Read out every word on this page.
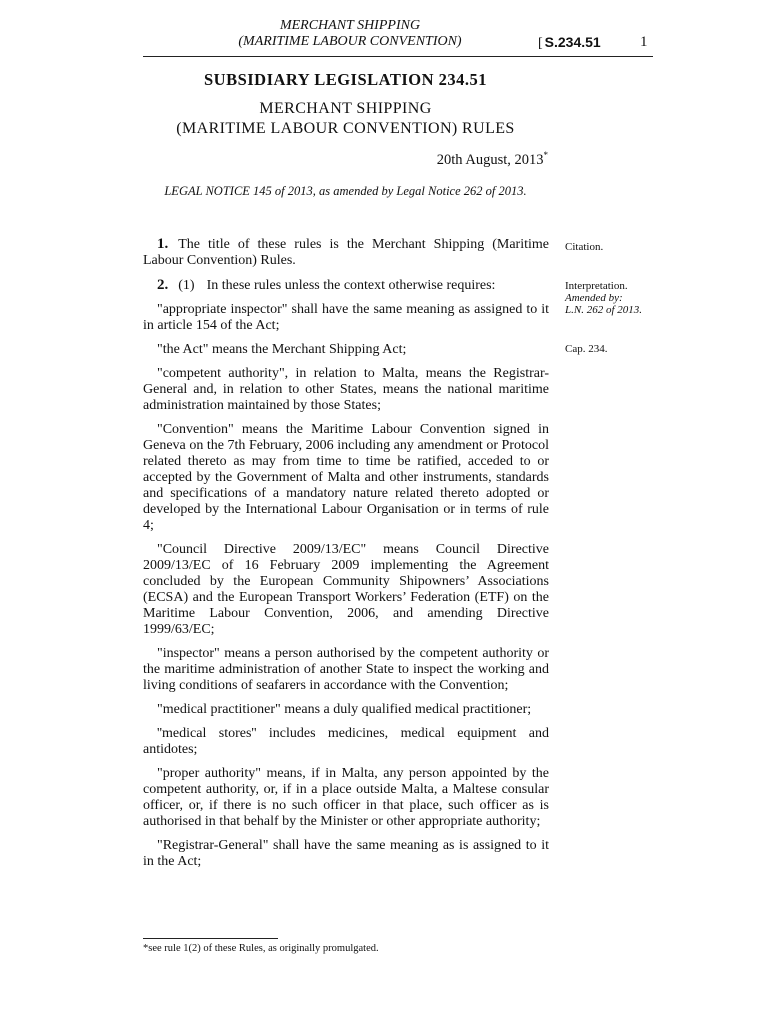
MERCHANT SHIPPING
(MARITIME LABOUR CONVENTION)	[ S.234.51	1
SUBSIDIARY LEGISLATION 234.51
MERCHANT SHIPPING
(MARITIME LABOUR CONVENTION) RULES
20th August, 2013*
LEGAL NOTICE 145 of 2013, as amended by Legal Notice 262 of 2013.

1. The title of these rules is the Merchant Shipping (Maritime Labour Convention) Rules.

2. (1) In these rules unless the context otherwise requires:

"appropriate inspector" shall have the same meaning as assigned to it in article 154 of the Act;

"the Act" means the Merchant Shipping Act;

"competent authority", in relation to Malta, means the Registrar-General and, in relation to other States, means the national maritime administration maintained by those States;

"Convention" means the Maritime Labour Convention signed in Geneva on the 7th February, 2006 including any amendment or Protocol related thereto as may from time to time be ratified, acceded to or accepted by the Government of Malta and other instruments, standards and specifications of a mandatory nature related thereto adopted or developed by the International Labour Organisation or in terms of rule 4;

"Council Directive 2009/13/EC" means Council Directive 2009/13/EC of 16 February 2009 implementing the Agreement concluded by the European Community Shipowners’ Associations (ECSA) and the European Transport Workers’ Federation (ETF) on the Maritime Labour Convention, 2006, and amending Directive 1999/63/EC;

"inspector" means a person authorised by the competent authority or the maritime administration of another State to inspect the working and living conditions of seafarers in accordance with the Convention;

"medical practitioner" means a duly qualified medical practitioner;

''medical stores'' includes medicines, medical equipment and antidotes;

"proper authority" means, if in Malta, any person appointed by the competent authority, or, if in a place outside Malta, a Maltese consular officer, or, if there is no such officer in that place, such officer as is authorised in that behalf by the Minister or other appropriate authority;

"Registrar-General" shall have the same meaning as is assigned to it in the Act;

Citation.
Interpretation.
Amended by:
L.N. 262 of 2013.
Cap. 234.
*see rule 1(2) of these Rules, as originally promulgated.
